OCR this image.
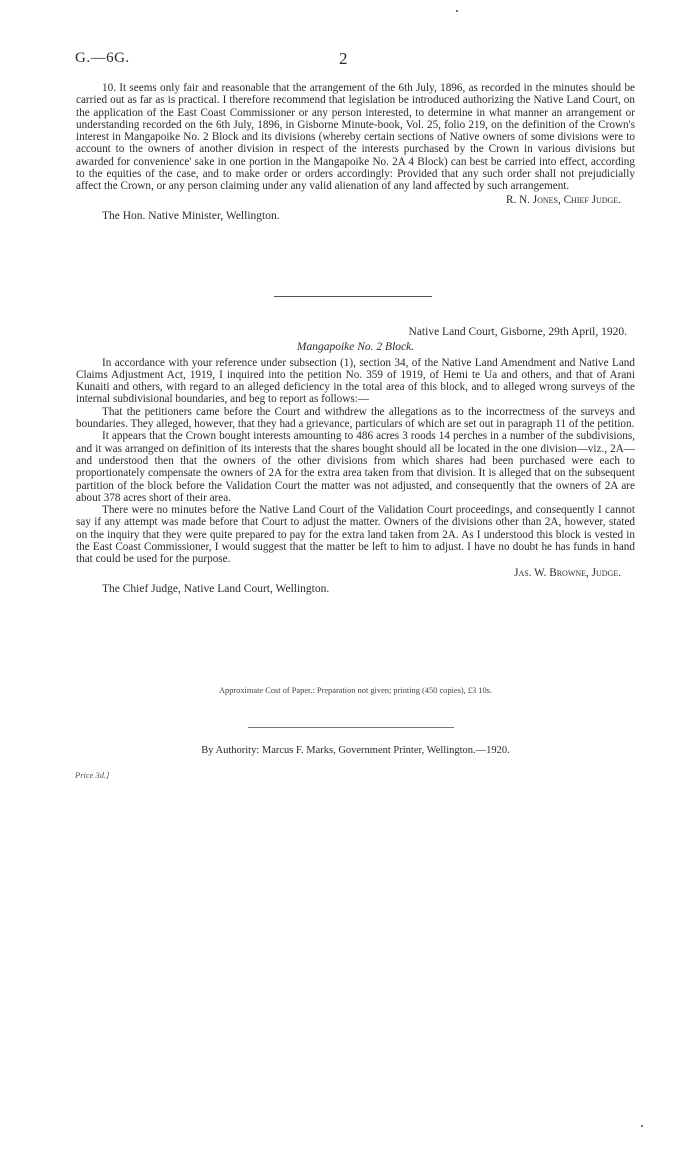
G.—6G.	2

10. It seems only fair and reasonable that the arrangement of the 6th July, 1896, as recorded in the minutes should be carried out as far as is practical. I therefore recommend that legislation be introduced authorizing the Native Land Court, on the application of the East Coast Commissioner or any person interested, to determine in what manner an arrangement or understanding recorded on the 6th July, 1896, in Gisborne Minute-book, Vol. 25, folio 219, on the definition of the Crown's interest in Mangapoike No. 2 Block and its divisions (whereby certain sections of Native owners of some divisions were to account to the owners of another division in respect of the interests purchased by the Crown in various divisions but awarded for convenience' sake in one portion in the Mangapoike No. 2A 4 Block) can best be carried into effect, according to the equities of the case, and to make order or orders accordingly: Provided that any such order shall not prejudicially affect the Crown, or any person claiming under any valid alienation of any land affected by such arrangement.

R. N. Jones, Chief Judge.

The Hon. Native Minister, Wellington.

Native Land Court, Gisborne, 29th April, 1920.

Mangapoike No. 2 Block.

In accordance with your reference under subsection (1), section 34, of the Native Land Amendment and Native Land Claims Adjustment Act, 1919, I inquired into the petition No. 359 of 1919, of Hemi te Ua and others, and that of Arani Kunaiti and others, with regard to an alleged deficiency in the total area of this block, and to alleged wrong surveys of the internal subdivisional boundaries, and beg to report as follows:—

That the petitioners came before the Court and withdrew the allegations as to the incorrectness of the surveys and boundaries. They alleged, however, that they had a grievance, particulars of which are set out in paragraph 11 of the petition.

It appears that the Crown bought interests amounting to 486 acres 3 roods 14 perches in a number of the subdivisions, and it was arranged on definition of its interests that the shares bought should all be located in the one division—viz., 2A—and understood then that the owners of the other divisions from which shares had been purchased were each to proportionately compensate the owners of 2A for the extra area taken from that division. It is alleged that on the subsequent partition of the block before the Validation Court the matter was not adjusted, and consequently that the owners of 2A are about 378 acres short of their area.

There were no minutes before the Native Land Court of the Validation Court proceedings, and consequently I cannot say if any attempt was made before that Court to adjust the matter. Owners of the divisions other than 2A, however, stated on the inquiry that they were quite prepared to pay for the extra land taken from 2A. As I understood this block is vested in the East Coast Commissioner, I would suggest that the matter be left to him to adjust. I have no doubt he has funds in hand that could be used for the purpose.

Jas. W. Browne, Judge.

The Chief Judge, Native Land Court, Wellington.

Approximate Cost of Paper.: Preparation not given; printing (450 copies), £3 10s.
By Authority: Marcus F. Marks, Government Printer, Wellington.—1920.
Price 3d.]
